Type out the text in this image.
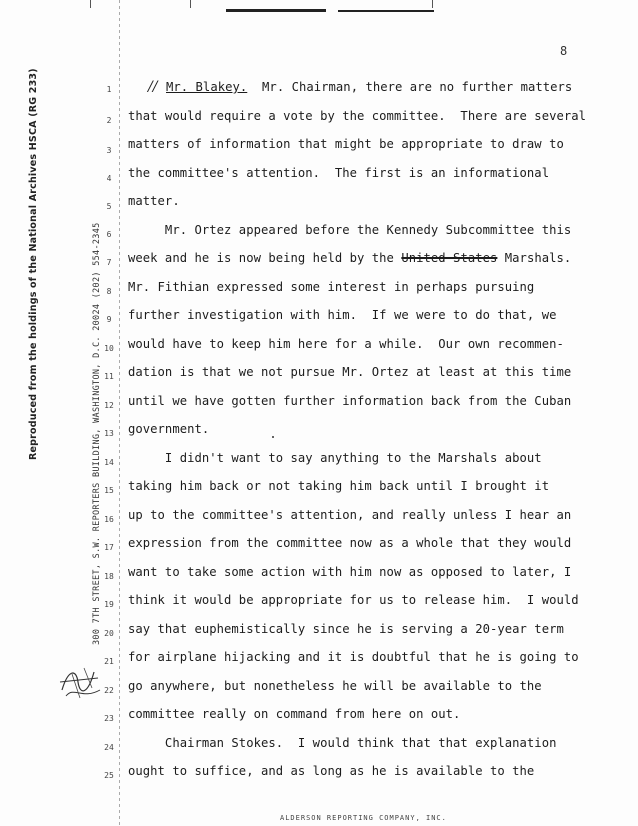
8
Reproduced from the holdings of the National Archives HSCA (RG 233)	300 7TH STREET, S.W. REPORTERS BUILDING, WASHINGTON, D.C. 20024 (202) 554-2345
//
1
2
3
4
5
6
7
8
9
10
11
12
13
14
15
16
17
18
19
20
21
22
23
24
25
Mr. Blakey.  Mr. Chairman, there are no further matters
that would require a vote by the committee.  There are several
matters of information that might be appropriate to draw to
the committee's attention.  The first is an informational
matter.
Mr. Ortez appeared before the Kennedy Subcommittee this
week and he is now being held by the United States Marshals.
Mr. Fithian expressed some interest in perhaps pursuing
further investigation with him.  If we were to do that, we
would have to keep him here for a while.  Our own recommen-
dation is that we not pursue Mr. Ortez at least at this time
until we have gotten further information back from the Cuban
government.
I didn't want to say anything to the Marshals about
taking him back or not taking him back until I brought it
up to the committee's attention, and really unless I hear an
expression from the committee now as a whole that they would
want to take some action with him now as opposed to later, I
think it would be appropriate for us to release him.  I would
say that euphemistically since he is serving a 20-year term
for airplane hijacking and it is doubtful that he is going to
go anywhere, but nonetheless he will be available to the
committee really on command from here on out.
Chairman Stokes.  I would think that that explanation
ought to suffice, and as long as he is available to the
ALDERSON REPORTING COMPANY, INC.
